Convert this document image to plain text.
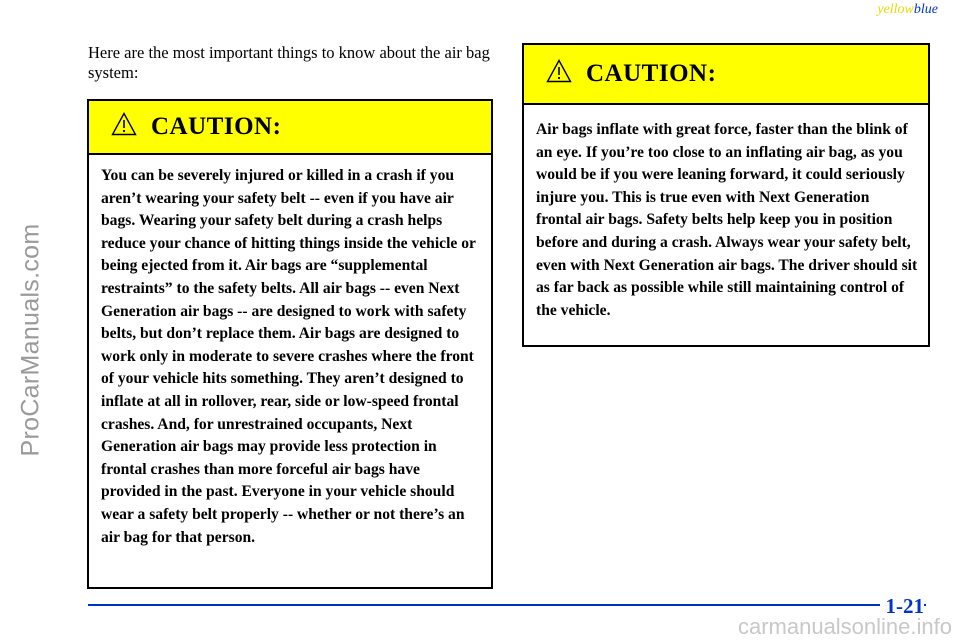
yellowblue
ProCarManuals.com
Here are the most important things to know about the air bag system:
CAUTION:
You can be severely injured or killed in a crash if you aren’t wearing your safety belt -- even if you have air bags. Wearing your safety belt during a crash helps reduce your chance of hitting things inside the vehicle or being ejected from it. Air bags are “supplemental restraints” to the safety belts. All air bags -- even Next Generation air bags -- are designed to work with safety belts, but don’t replace them. Air bags are designed to work only in moderate to severe crashes where the front of your vehicle hits something. They aren’t designed to inflate at all in rollover, rear, side or low-speed frontal crashes. And, for unrestrained occupants, Next Generation air bags may provide less protection in frontal crashes than more forceful air bags have provided in the past. Everyone in your vehicle should wear a safety belt properly -- whether or not there’s an air bag for that person.
CAUTION:
Air bags inflate with great force, faster than the blink of an eye. If you’re too close to an inflating air bag, as you would be if you were leaning forward, it could seriously injure you. This is true even with Next Generation frontal air bags. Safety belts help keep you in position before and during a crash. Always wear your safety belt, even with Next Generation air bags. The driver should sit as far back as possible while still maintaining control of the vehicle.
1-21
carmanualsonline.info
